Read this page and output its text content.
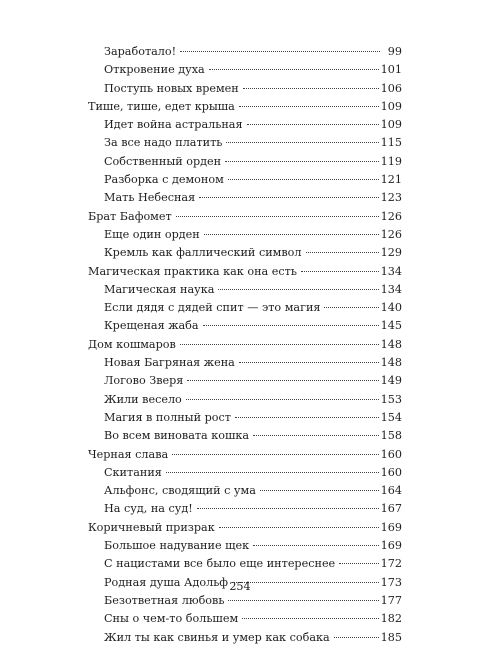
Заработало!	99
Откровение духа	101
Поступь новых времен	106
Тише, тише, едет крыша	109
Идет война астральная	109
За все надо платить	115
Собственный орден	119
Разборка с демоном	121
Мать Небесная	123
Брат Бафомет	126
Еще один орден	126
Кремль как фаллический символ	129
Магическая практика как она есть	134
Магическая наука	134
Если дядя с дядей спит — это магия	140
Крещеная жаба	145
Дом кошмаров	148
Новая Багряная жена	148
Логово Зверя	149
Жили весело	153
Магия в полный рост	154
Во всем виновата кошка	158
Черная слава	160
Скитания	160
Альфонс, сводящий с ума	164
На суд, на суд!	167
Коричневый призрак	169
Большое надувание щек	169
С нацистами все было еще интереснее	172
Родная душа Адольф	173
Безответная любовь	177
Сны о чем-то большем	182
Жил ты как свинья и умер как собака	185
254
